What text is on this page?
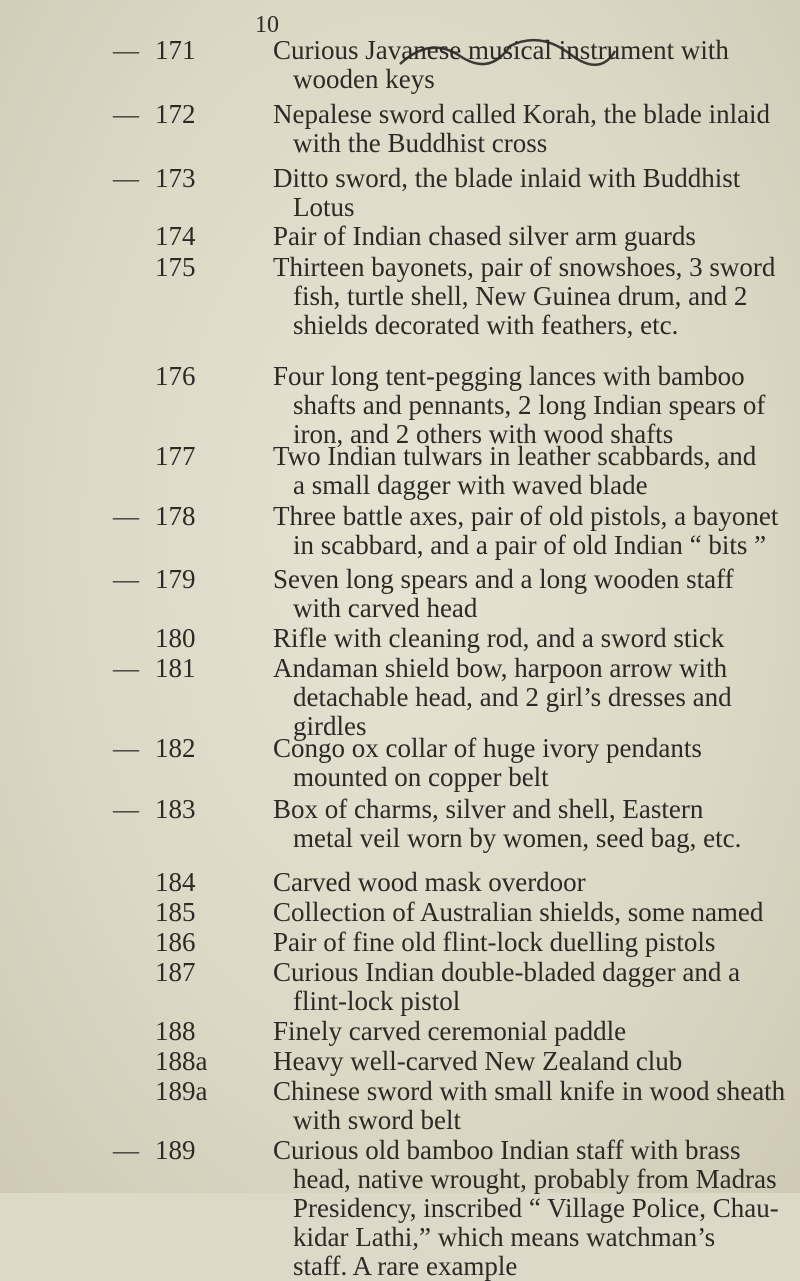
10
— 171	Curious Javanese musical instrument with
wooden keys
— 172	Nepalese sword called Korah, the blade inlaid
with the Buddhist cross
— 173	Ditto sword, the blade inlaid with Buddhist
Lotus
174	Pair of Indian chased silver arm guards
175	Thirteen bayonets, pair of snowshoes, 3 sword
fish, turtle shell, New Guinea drum, and 2
shields decorated with feathers, etc.
176	Four long tent-pegging lances with bamboo
shafts and pennants, 2 long Indian spears of
iron, and 2 others with wood shafts
177	Two Indian tulwars in leather scabbards, and
a small dagger with waved blade
— 178	Three battle axes, pair of old pistols, a bayonet
in scabbard, and a pair of old Indian “ bits ”
— 179	Seven long spears and a long wooden staff
with carved head
180	Rifle with cleaning rod, and a sword stick
— 181	Andaman shield bow, harpoon arrow with
detachable head, and 2 girl’s dresses and
girdles
— 182	Congo ox collar of huge ivory pendants
mounted on copper belt
— 183	Box of charms, silver and shell, Eastern
metal veil worn by women, seed bag, etc.
184	Carved wood mask overdoor
185	Collection of Australian shields, some named
186	Pair of fine old flint-lock duelling pistols
187	Curious Indian double-bladed dagger and a
flint-lock pistol
188	Finely carved ceremonial paddle
188a	Heavy well-carved New Zealand club
189a	Chinese sword with small knife in wood sheath
with sword belt
— 189	Curious old bamboo Indian staff with brass
head, native wrought, probably from Madras
Presidency, inscribed “ Village Police, Chau-
kidar Lathi,” which means watchman’s
staff. A rare example
